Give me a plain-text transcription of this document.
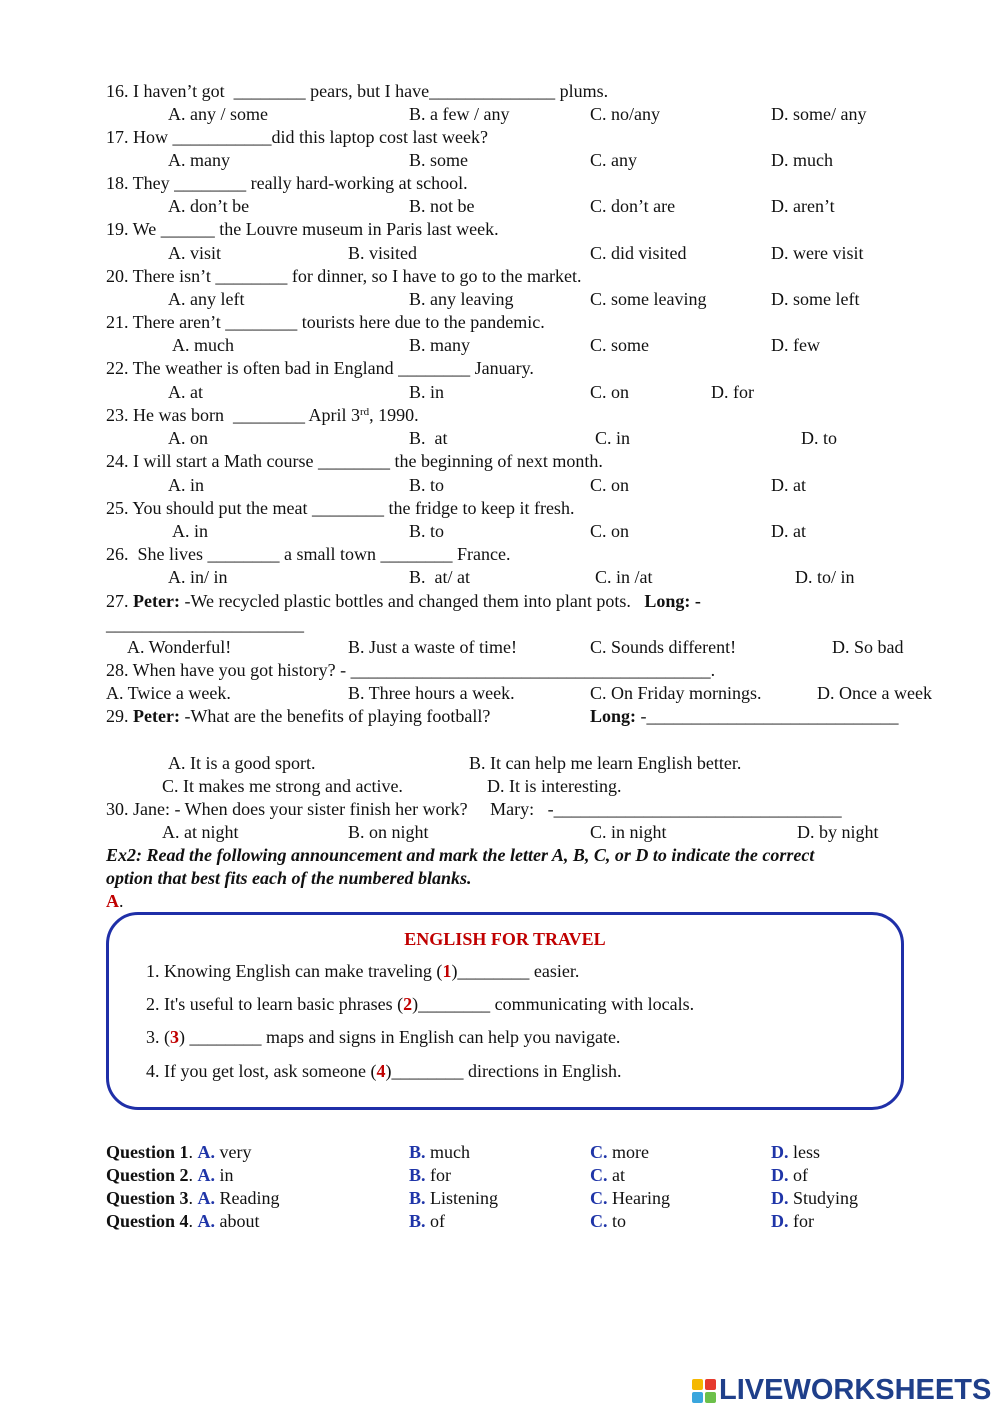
16. I haven’t got  ________ pears, but I have______________ plums.
A. any / some	B. a few / any	C. no/any	D. some/ any
17. How ___________did this laptop cost last week?
A. many	B. some	C. any	D. much
18. They ________ really hard-working at school.
A. don’t be	B. not be	C. don’t are	D. aren’t
19. We ______ the Louvre museum in Paris last week.
A. visit	B. visited	C. did visited	D. were visit
20. There isn’t ________ for dinner, so I have to go to the market.
A. any left	B. any leaving	C. some leaving	D. some left
21. There aren’t ________ tourists here due to the pandemic.
A. much	B. many	C. some	D. few
22. The weather is often bad in England ________ January.
A. at	B. in	C. on	D. for
23. He was born  ________ April 3rd, 1990.
A. on	B.  at	C. in	D. to
24. I will start a Math course ________ the beginning of next month.
A. in	B. to	C. on	D. at
25. You should put the meat ________ the fridge to keep it fresh.
A. in	B. to	C. on	D. at
26.  She lives ________ a small town ________ France.
A. in/ in	B.  at/ at	C. in /at	D. to/ in
27. Peter: -We recycled plastic bottles and changed them into plant pots.   Long: -
______________________
A. Wonderful!	B. Just a waste of time!	C. Sounds different!	D. So bad
28. When have you got history? - ________________________________________.
A. Twice a week.	B. Three hours a week.	C. On Friday mornings.	D. Once a week
29. Peter: -What are the benefits of playing football?	Long: -____________________________
A. It is a good sport.	B. It can help me learn English better.
C. It makes me strong and active.	D. It is interesting.
30. Jane: - When does your sister finish her work?     Mary:   -________________________________
A. at night	B. on night	C. in night	D. by night
Ex2: Read the following announcement and mark the letter A, B, C, or D to indicate the correct
option that best fits each of the numbered blanks.
A.
ENGLISH FOR TRAVEL
1. Knowing English can make traveling (1)________ easier.
2. It's useful to learn basic phrases (2)________ communicating with locals.
3. (3) ________ maps and signs in English can help you navigate.
4. If you get lost, ask someone (4)________ directions in English.
Question 1. A. very	B. much	C. more	D. less
Question 2. A. in	B. for	C. at	D. of
Question 3. A. Reading	B. Listening	C. Hearing	D. Studying
Question 4. A. about	B. of	C. to	D. for
LIVEWORKSHEETS
